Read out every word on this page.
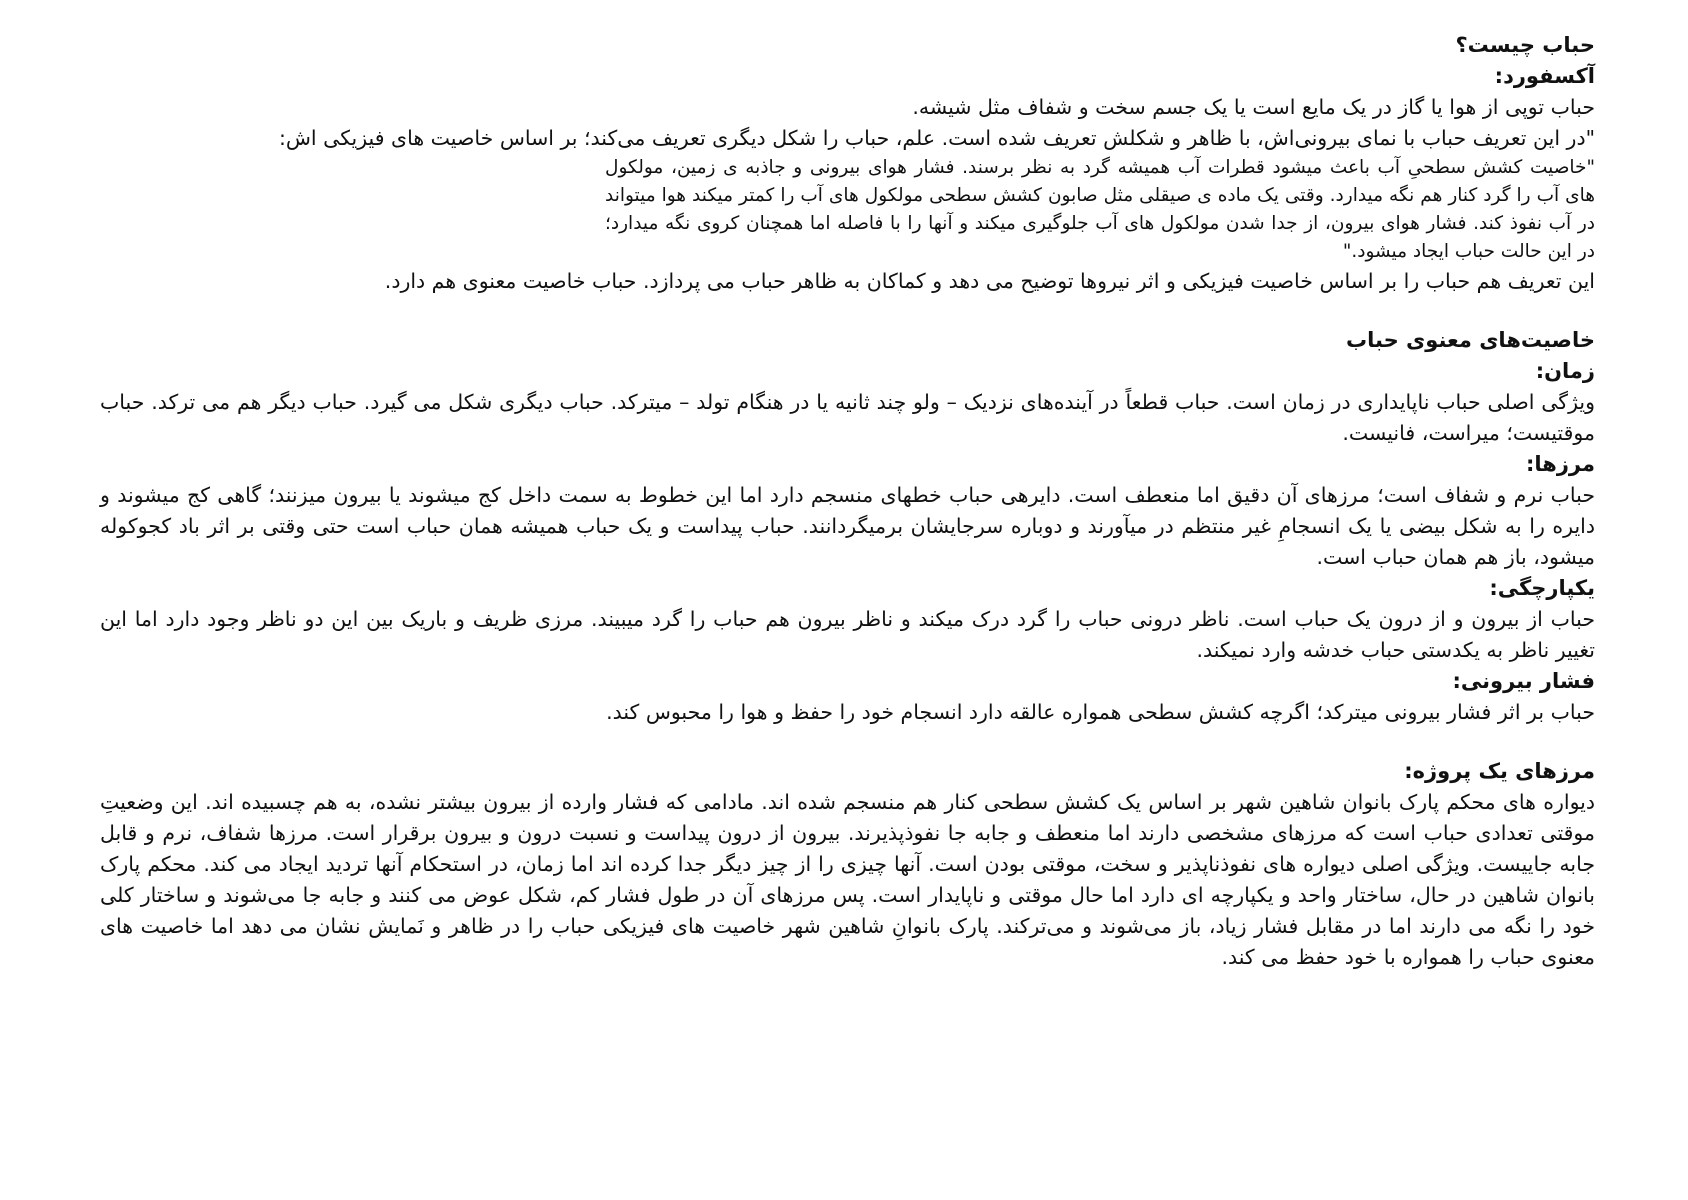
حباب چیست؟

آکسفورد:

حباب توپی از هوا یا گاز در یک مایع است یا یک جسم سخت و شفاف مثل شیشه.

"در این تعریف حباب با نمای بیرونی‌اش، با ظاهر و شکلش تعریف شده است. علم، حباب را شکل دیگری تعریف می‌کند؛ بر اساس خاصیت های فیزیکی اش:

"خاصیت کشش سطحیِ آب باعث میشود قطرات آب همیشه گرد به نظر برسند. فشار هوای بیرونی و جاذبه ی زمین، مولکول های آب را گرد کنار هم نگه میدارد. وقتی یک ماده ی صیقلی مثل صابون کشش سطحی مولکول های آب را کمتر میکند هوا میتواند در آب نفوذ کند. فشار هوای بیرون، از جدا شدن مولکول های آب جلوگیری میکند و آنها را با فاصله اما همچنان کروی نگه میدارد؛ در این حالت حباب ایجاد میشود."

این تعریف هم حباب را بر اساس خاصیت فیزیکی و اثر نیروها توضیح می دهد و کماکان به ظاهر حباب می پردازد. حباب خاصیت معنوی هم دارد.

خاصیت‌های معنوی حباب

زمان:

ویژگی اصلی حباب ناپایداری در زمان است. حباب قطعاً در آینده‌های نزدیک – ولو چند ثانیه یا در هنگام تولد – میترکد. حباب دیگری شکل می گیرد. حباب دیگر هم می ترکد. حباب موقتیست؛ میراست، فانیست.

مرزها:

حباب نرم و شفاف است؛ مرزهای آن دقیق اما منعطف است. دایرهی حباب خطهای منسجم دارد اما این خطوط به سمت داخل کج میشوند یا بیرون میزنند؛ گاهی کج میشوند و دایره را به شکل بیضی یا یک انسجامِ غیر منتظم در میآورند و دوباره سرجایشان برمیگردانند. حباب پیداست و یک حباب همیشه همان حباب است حتی وقتی بر اثر باد کجوکوله میشود، باز هم همان حباب است.

یکپارچگی:

حباب از بیرون و از درون یک حباب است. ناظر درونی حباب را گرد درک میکند و ناظر بیرون هم حباب را گرد میبیند. مرزی ظریف و باریک بین این دو ناظر وجود دارد اما این تغییر ناظر به یکدستی حباب خدشه وارد نمیکند.

فشار بیرونی:

حباب بر اثر فشار بیرونی میترکد؛ اگرچه کشش سطحی همواره عالقه دارد انسجام خود را حفظ و هوا را محبوس کند.

مرزهای یک پروژه:

دیواره های محکم پارک بانوان شاهین شهر بر اساس یک کشش سطحی کنار هم منسجم شده اند. مادامی که فشار وارده از بیرون بیشتر نشده، به هم چسبیده اند. این وضعیتِ موقتی تعدادی حباب است که مرزهای مشخصی دارند اما منعطف و جابه جا نفوذپذیرند. بیرون از درون پیداست و نسبت درون و بیرون برقرار است. مرزها شفاف، نرم و قابل جابه جاییست. ویژگی اصلی دیواره های نفوذناپذیر و سخت، موقتی بودن است. آنها چیزی را از چیز دیگر جدا کرده اند اما زمان، در استحکام آنها تردید ایجاد می کند. محکم پارک بانوان شاهین در حال، ساختار واحد و یکپارچه ای دارد اما حال موقتی و ناپایدار است. پس مرزهای آن در طول فشار کم، شکل عوض می کنند و جابه جا می‌شوند و ساختار کلی خود را نگه می دارند اما در مقابل فشار زیاد، باز می‌شوند و می‌ترکند. پارک بانوانِ شاهین شهر خاصیت های فیزیکی حباب را در ظاهر و نَمایش نشان می دهد اما خاصیت های معنوی حباب را همواره با خود حفظ می کند.
